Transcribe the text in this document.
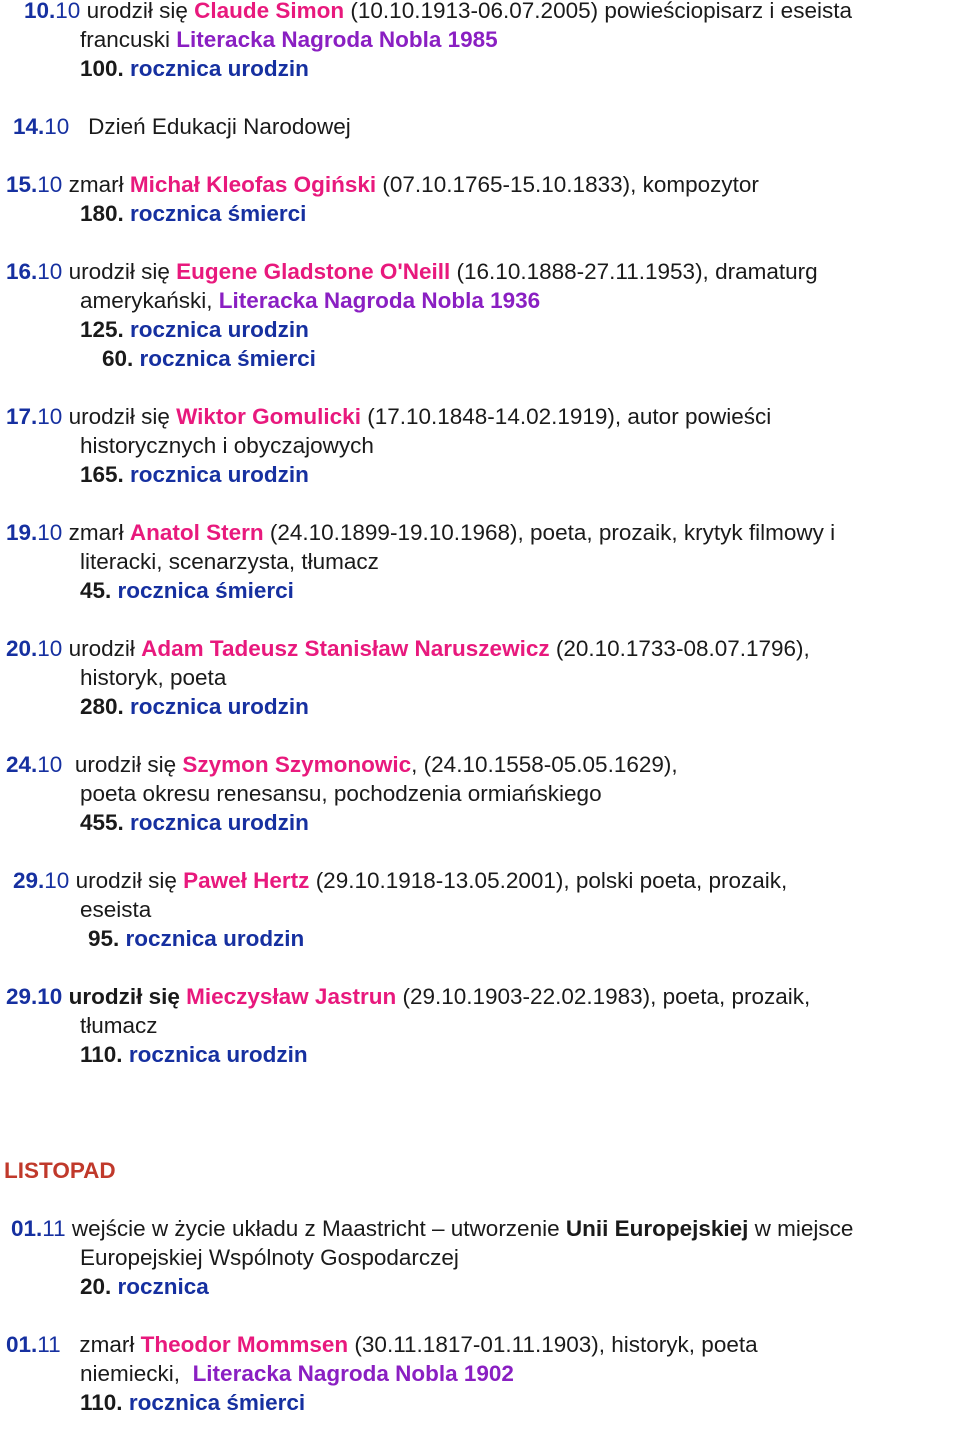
10.10 urodził się Claude Simon (10.10.1913-06.07.2005) powieściopisarz i eseista
francuski Literacka Nagroda Nobla 1985
100. rocznica urodzin
14.10 Dzień Edukacji Narodowej
15.10 zmarł Michał Kleofas Ogiński (07.10.1765-15.10.1833), kompozytor
180. rocznica śmierci
16.10 urodził się Eugene Gladstone O'Neill (16.10.1888-27.11.1953), dramaturg
amerykański, Literacka Nagroda Nobla 1936
125. rocznica urodzin
60. rocznica śmierci
17.10 urodził się Wiktor Gomulicki (17.10.1848-14.02.1919), autor powieści
historycznych i obyczajowych
165. rocznica urodzin
19.10 zmarł Anatol Stern (24.10.1899-19.10.1968), poeta, prozaik, krytyk filmowy i
literacki, scenarzysta, tłumacz
45. rocznica śmierci
20.10 urodził Adam Tadeusz Stanisław Naruszewicz (20.10.1733-08.07.1796),
historyk, poeta
280. rocznica urodzin
24.10 urodził się Szymon Szymonowic, (24.10.1558-05.05.1629),
poeta okresu renesansu, pochodzenia ormiańskiego
455. rocznica urodzin
29.10 urodził się Paweł Hertz (29.10.1918-13.05.2001), polski poeta, prozaik,
eseista
95. rocznica urodzin
29.10 urodził się Mieczysław Jastrun (29.10.1903-22.02.1983), poeta, prozaik,
tłumacz
110. rocznica urodzin
LISTOPAD
01.11 wejście w życie układu z Maastricht – utworzenie Unii Europejskiej w miejsce
Europejskiej Wspólnoty Gospodarczej
20. rocznica
01.11 zmarł Theodor Mommsen (30.11.1817-01.11.1903), historyk, poeta
niemiecki,  Literacka Nagroda Nobla 1902
110. rocznica śmierci
